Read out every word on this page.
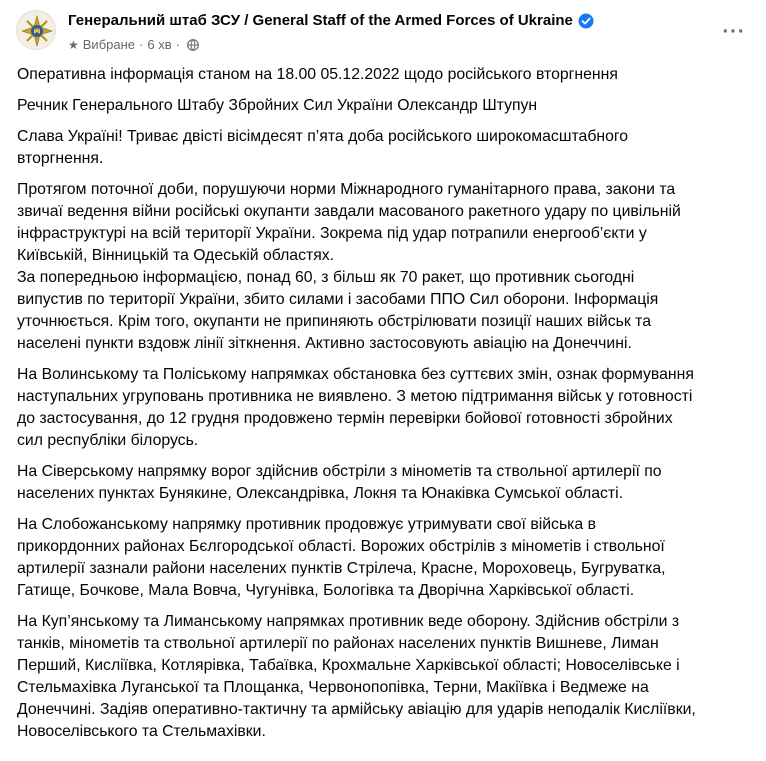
Генеральний штаб ЗСУ / General Staff of the Armed Forces of Ukraine
★ Вибране · 6 хв ·
···

Оперативна інформація станом на 18.00 05.12.2022 щодо російського вторгнення

Речник Генерального Штабу Збройних Сил України Олександр Штупун

Слава Україні! Триває двісті вісімдесят п’ята доба російського широкомасштабного
вторгнення.

Протягом поточної доби, порушуючи норми Міжнародного гуманітарного права, закони та
звичаї ведення війни російські окупанти завдали масованого ракетного удару по цивільній
інфраструктурі на всій території України. Зокрема під удар потрапили енергооб’єкти у
Київській, Вінницькій та Одеській областях.
За попередньою інформацією, понад 60, з більш як 70 ракет, що противник сьогодні
випустив по території України, збито силами і засобами ППО Сил оборони. Інформація
уточнюється. Крім того, окупанти не припиняють обстрілювати позиції наших військ та
населені пункти вздовж лінії зіткнення. Активно застосовують авіацію на Донеччині.

На Волинському та Поліському напрямках обстановка без суттєвих змін, ознак формування
наступальних угруповань противника не виявлено. З метою підтримання військ у готовності
до застосування, до 12 грудня продовжено термін перевірки бойової готовності збройних
сил республіки білорусь.

На Сіверському напрямку ворог здійснив обстріли з мінометів та ствольної артилерії по
населених пунктах Бунякине, Олександрівка, Локня та Юнаківка Сумської області.

На Слобожанському напрямку противник продовжує утримувати свої війська в
прикордонних районах Бєлгородської області. Ворожих обстрілів з мінометів і ствольної
артилерії зазнали райони населених пунктів Стрілеча, Красне, Мороховець, Бугруватка,
Гатище, Бочкове, Мала Вовча, Чугунівка, Бологівка та Дворічна Харківської області.

На Куп’янському та Лиманському напрямках противник веде оборону. Здійснив обстріли з
танків, мінометів та ствольної артилерії по районах населених пунктів Вишневе, Лиман
Перший, Кисліївка, Котлярівка, Табаївка, Крохмальне Харківської області; Новоселівське і
Стельмахівка Луганської та Площанка, Червонопопівка, Терни, Макіївка і Ведмеже на
Донеччині. Задіяв оперативно-тактичну та армійську авіацію для ударів неподалік Кисліївки,
Новоселівського та Стельмахівки.
